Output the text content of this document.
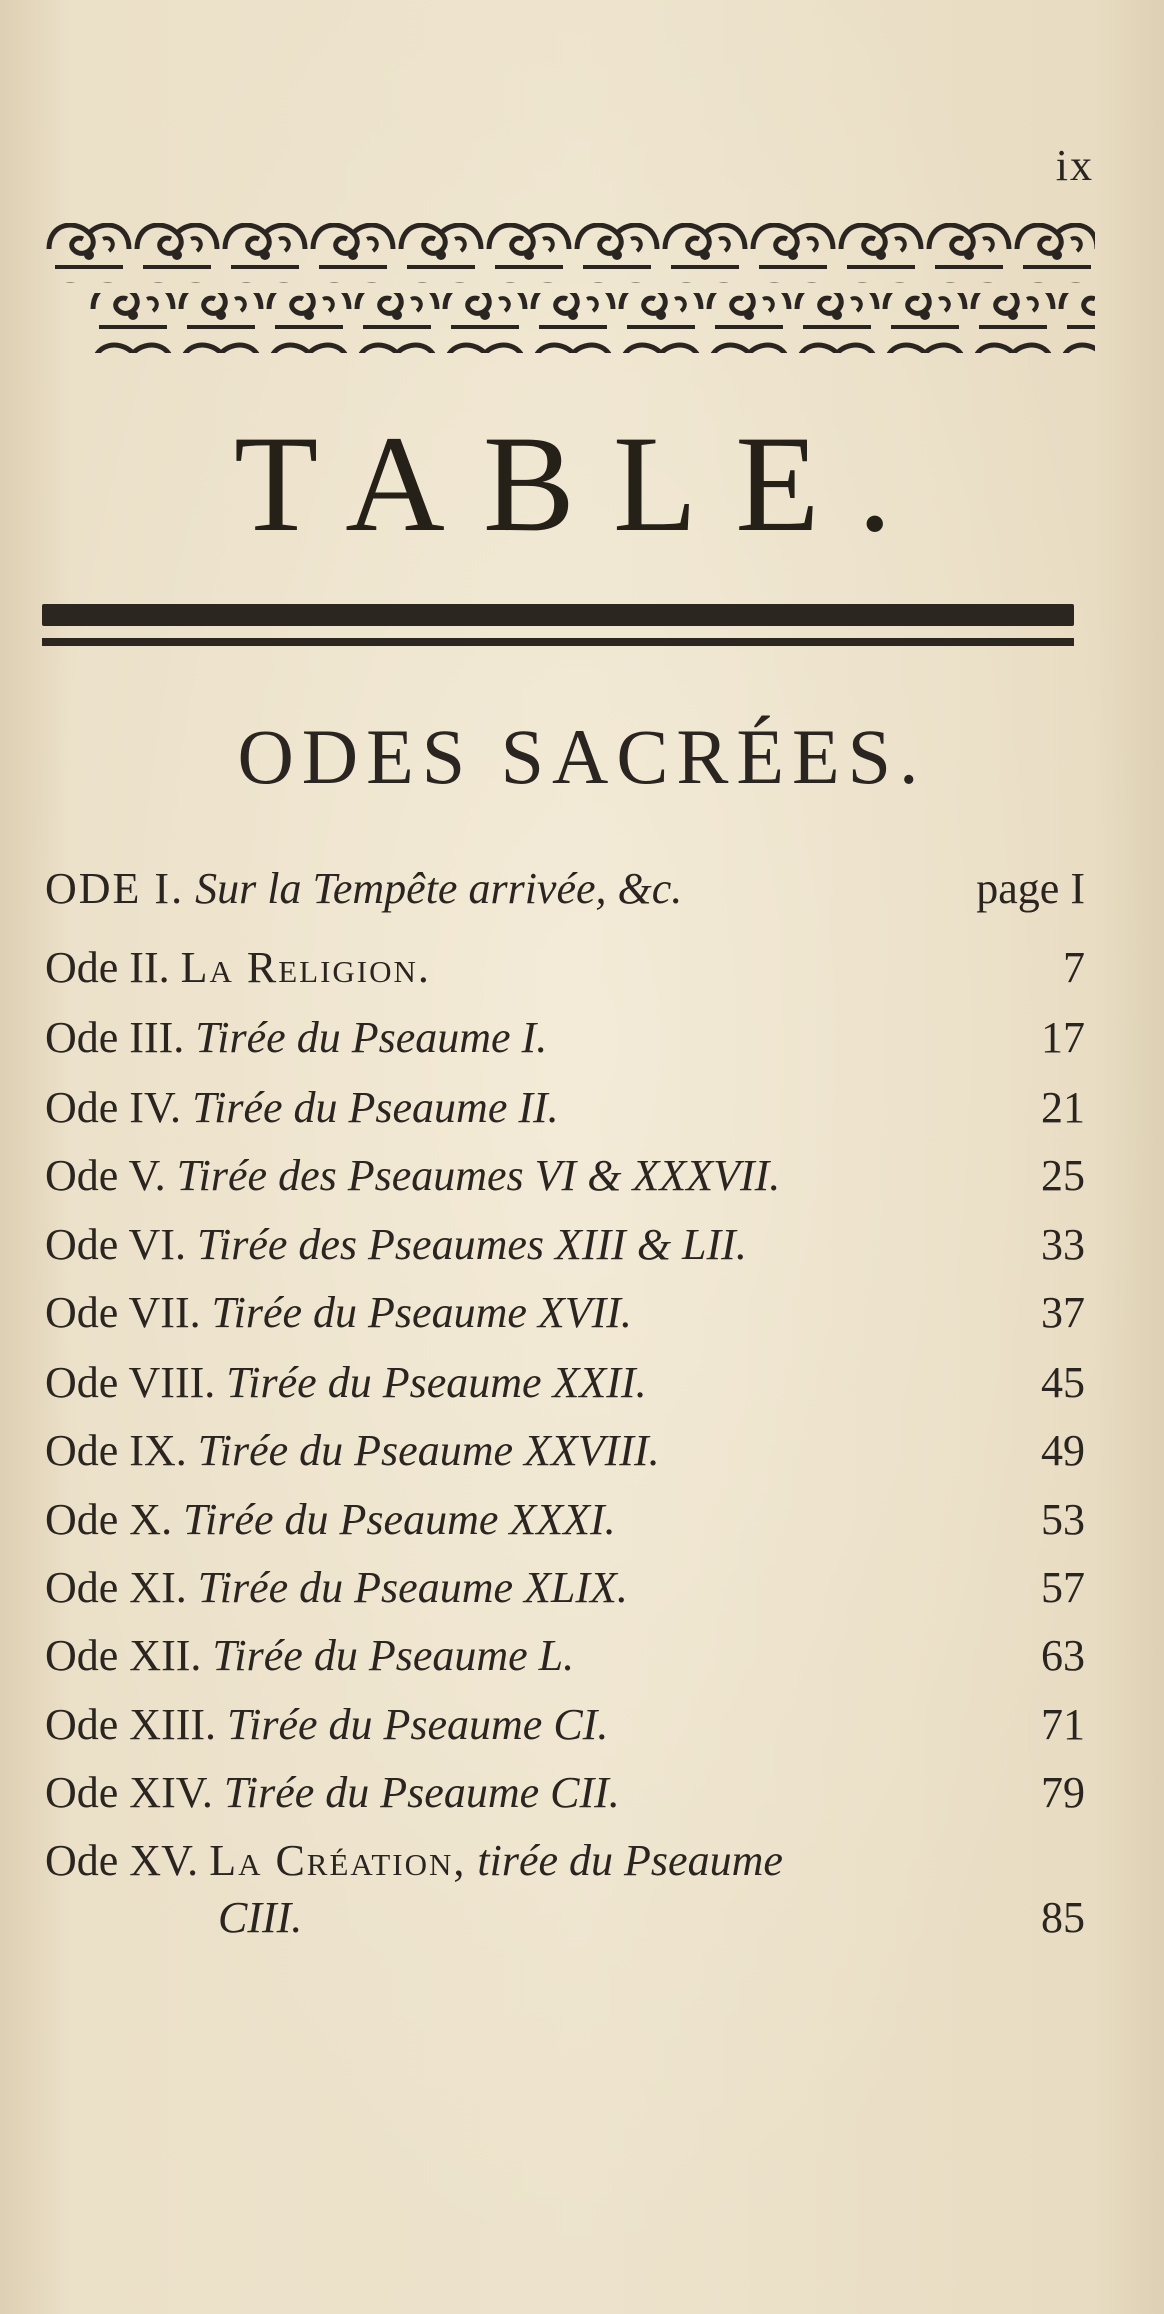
ix
TABLE.
ODES SACRÉES.
ODE I. Sur la Tempête arrivée, &c.	page I
Ode II. La Religion.	7
Ode III. Tirée du Pseaume I.	17
Ode IV. Tirée du Pseaume II.	21
Ode V. Tirée des Pseaumes VI & XXXVII.	25
Ode VI. Tirée des Pseaumes XIII & LII.	33
Ode VII. Tirée du Pseaume XVII.	37
Ode VIII. Tirée du Pseaume XXII.	45
Ode IX. Tirée du Pseaume XXVIII.	49
Ode X. Tirée du Pseaume XXXI.	53
Ode XI. Tirée du Pseaume XLIX.	57
Ode XII. Tirée du Pseaume L.	63
Ode XIII. Tirée du Pseaume CI.	71
Ode XIV. Tirée du Pseaume CII.	79
Ode XV. La Création, tirée du Pseaume
CIII.	85
